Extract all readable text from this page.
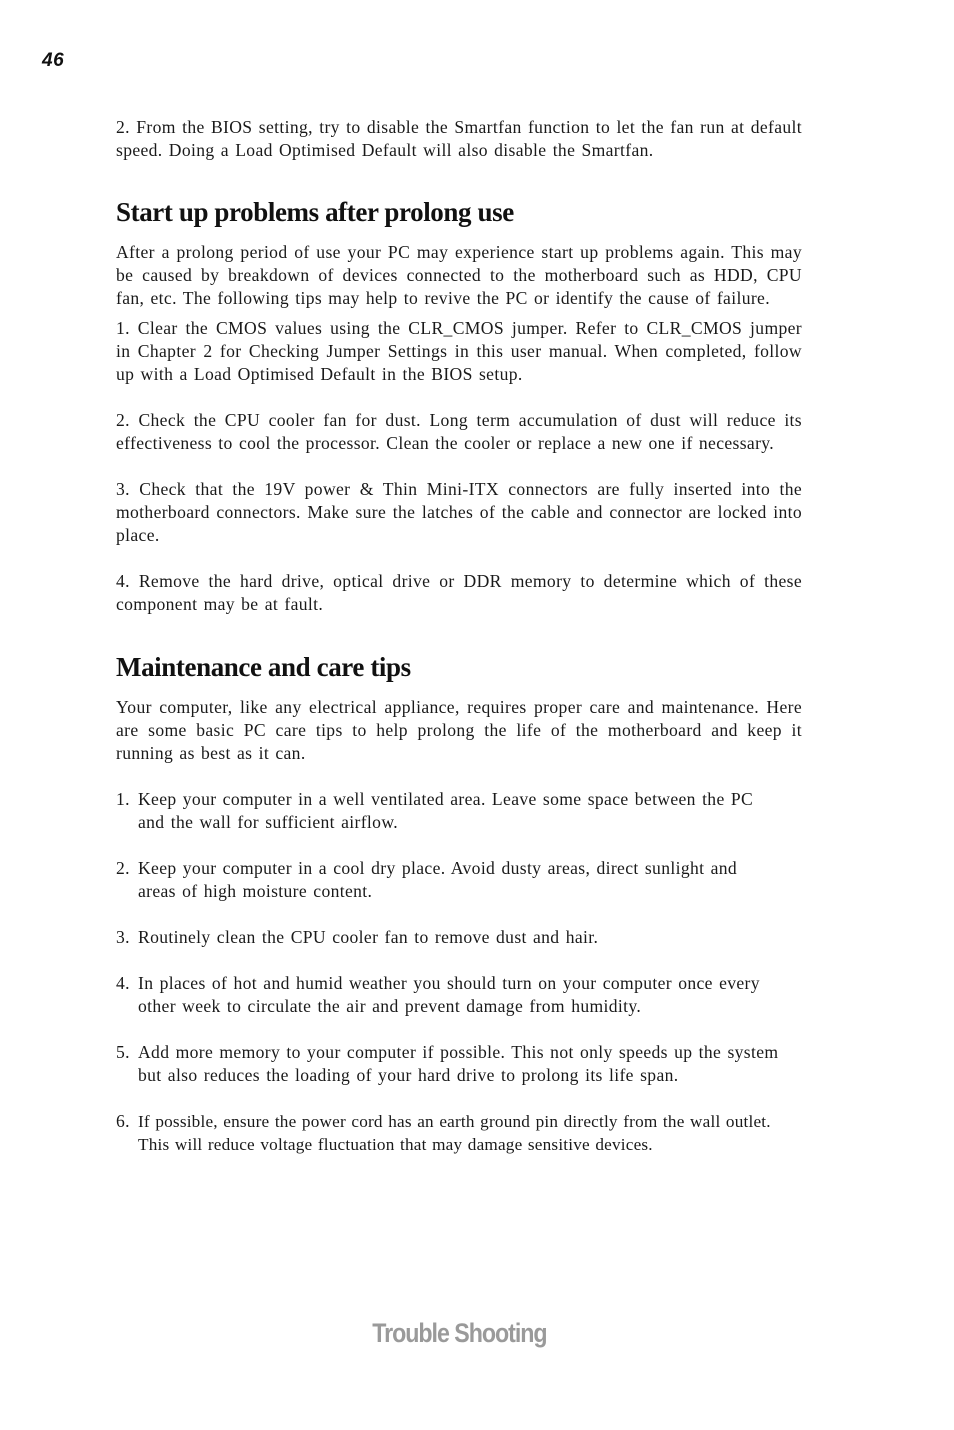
46

2. From the BIOS setting, try to disable the Smartfan function to let the fan run at default speed. Doing a Load Optimised Default will also disable the Smartfan.

Start up problems after prolong use

After a prolong period of use your PC may experience start up problems again. This may be caused by breakdown of devices connected to the motherboard such as HDD, CPU fan, etc. The following tips may help to revive the PC or identify the cause of failure.

1. Clear the CMOS values using the CLR_CMOS jumper. Refer to CLR_CMOS jumper in Chapter 2 for Checking Jumper Settings in this user manual. When completed, follow up with a Load Optimised Default in the BIOS setup.

2. Check the CPU cooler fan for dust. Long term accumulation of dust will reduce its effectiveness to cool the processor. Clean the cooler or replace a new one if necessary.

3. Check that the 19V power & Thin Mini-ITX connectors are fully inserted into the motherboard connectors. Make sure the latches of the cable and connector are locked into place.

4. Remove the hard drive, optical drive or DDR memory to determine which of these component may be at fault.

Maintenance and care tips

Your computer, like any electrical appliance, requires proper care and maintenance. Here are some basic PC care tips to help prolong the life of the motherboard and keep it running as best as it can.

1. Keep your computer in a well ventilated area. Leave some space between the PC and the wall for sufficient airflow.
2. Keep your computer in a cool dry place. Avoid dusty areas, direct sunlight and areas of high moisture content.
3. Routinely clean the CPU cooler fan to remove dust and hair.
4. In places of hot and humid weather you should turn on your computer once every other week to circulate the air and prevent damage from humidity.
5. Add more memory to your computer if possible. This not only speeds up the system but also reduces the loading of your hard drive to prolong its life span.
6. If possible, ensure the power cord has an earth ground pin directly from the wall outlet. This will reduce voltage fluctuation that may damage sensitive devices.
Trouble Shooting
